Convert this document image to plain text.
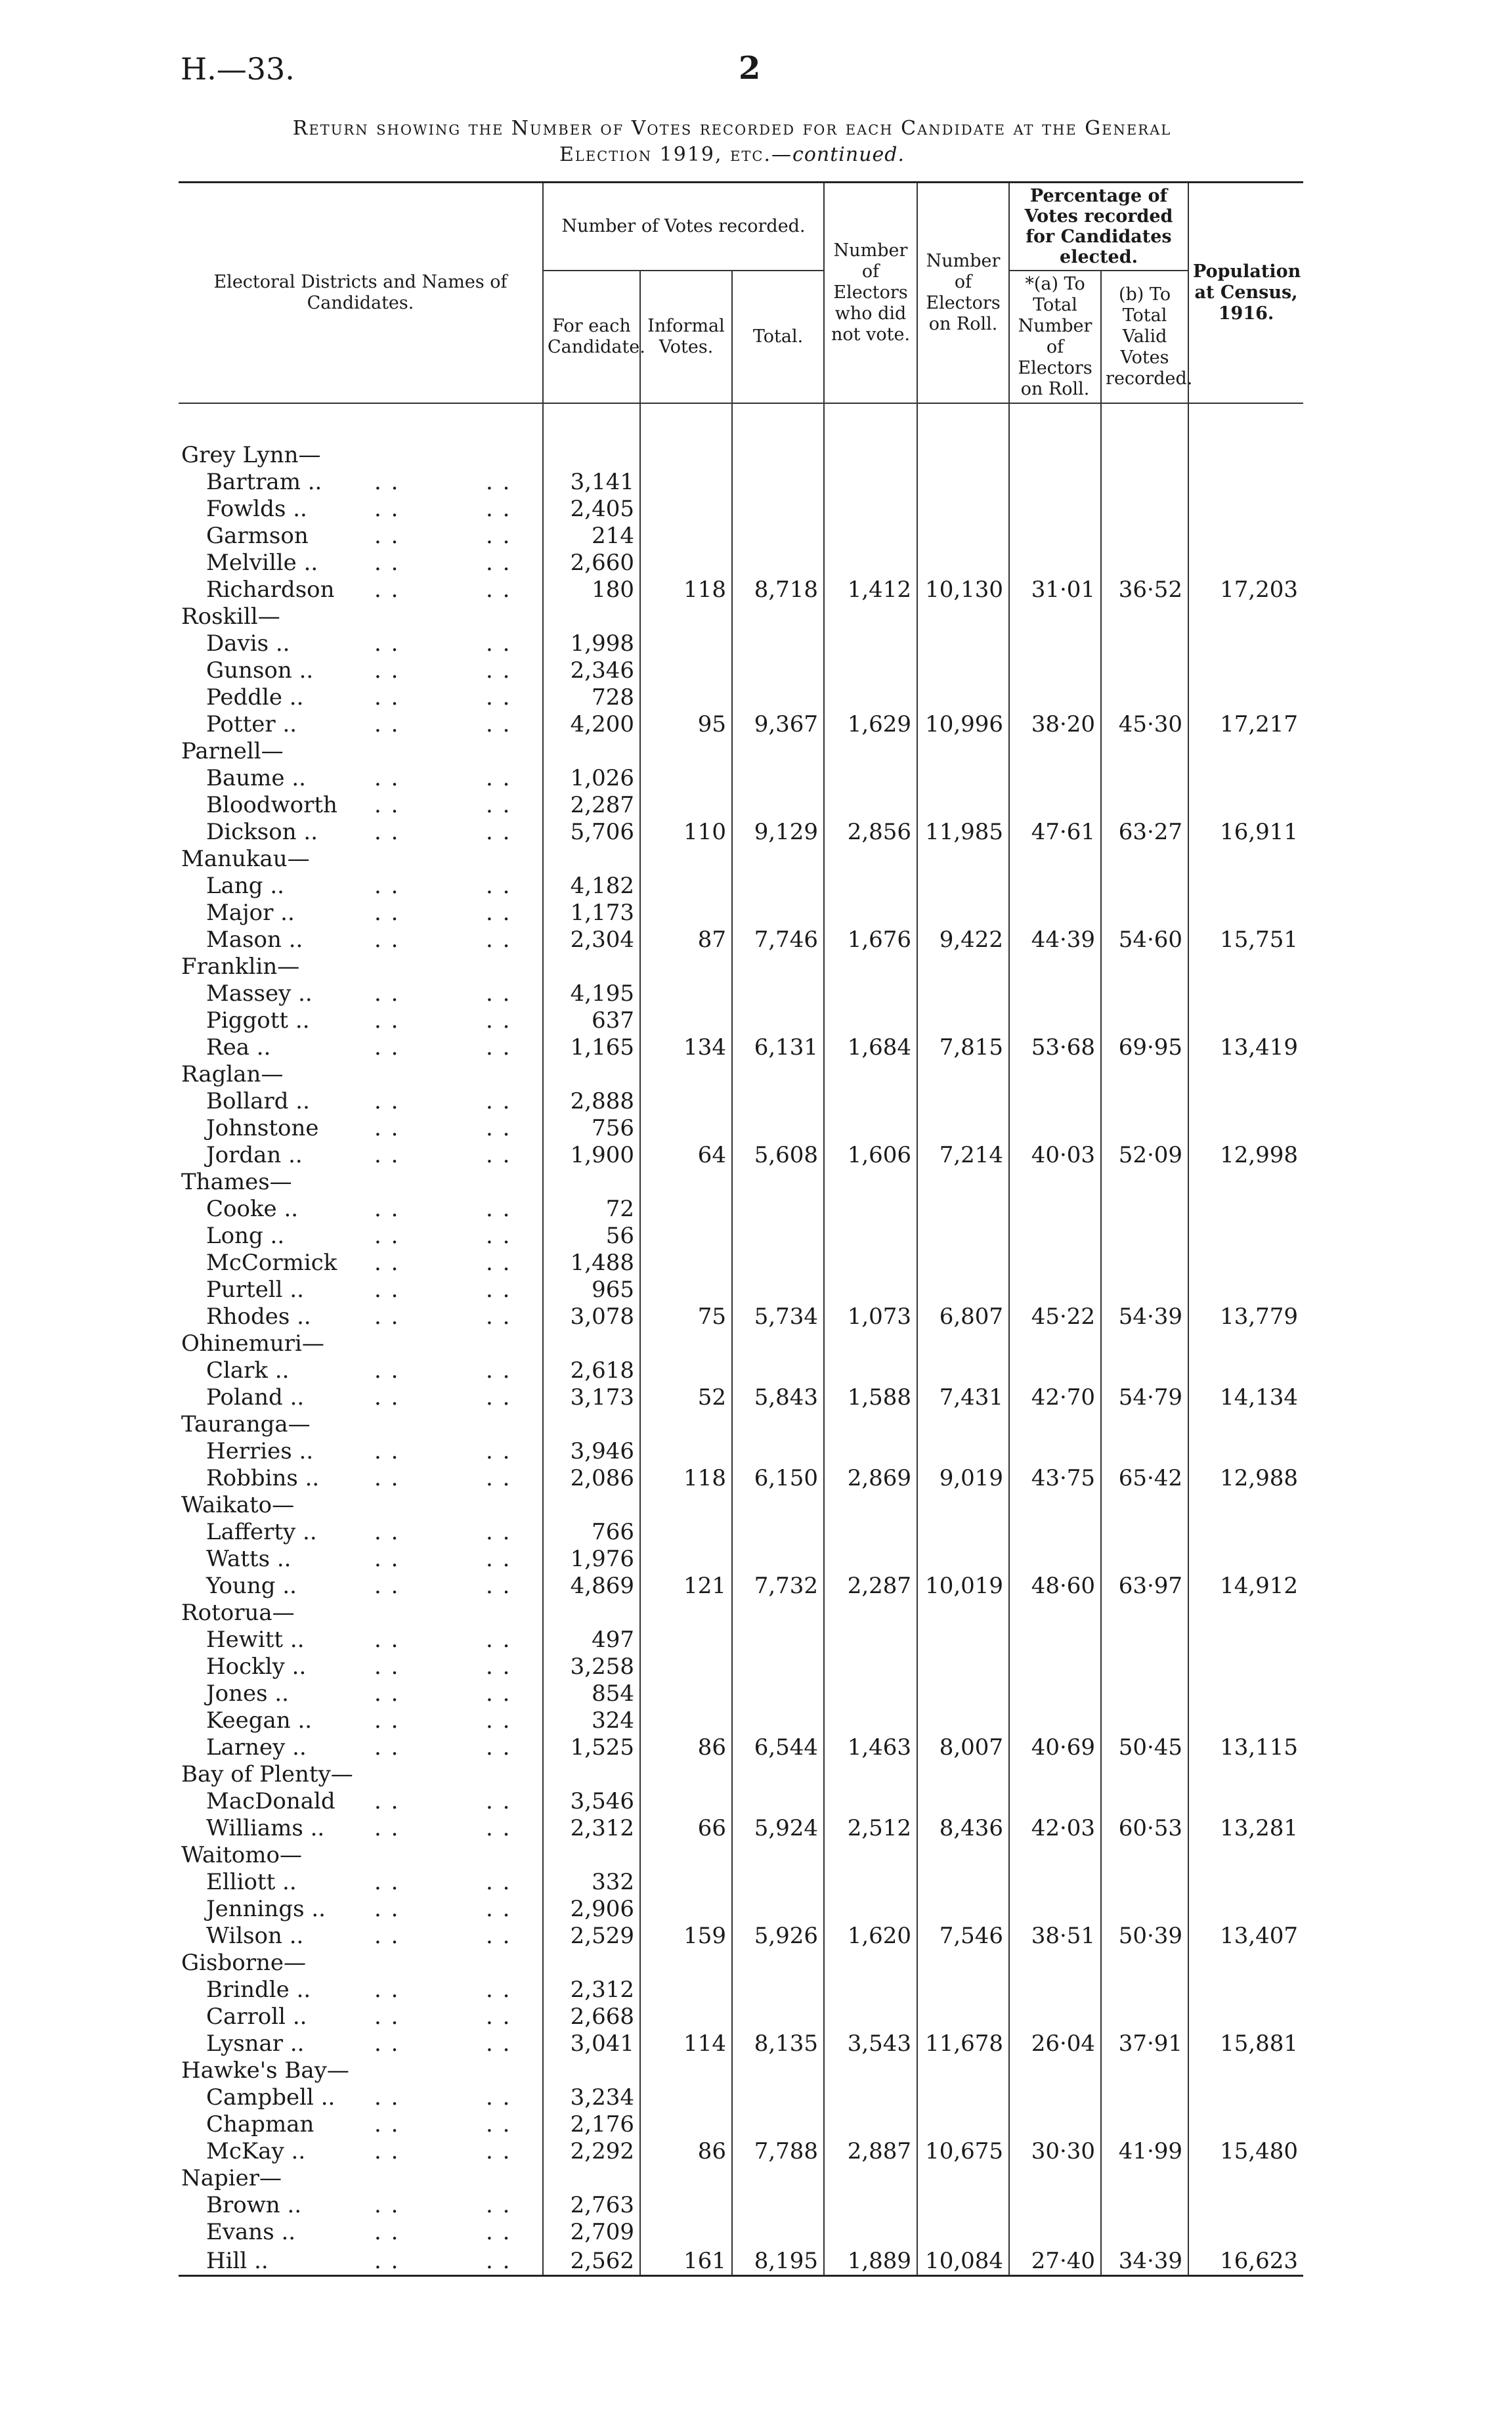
H.—33.	2
Return showing the Number of Votes recorded for each Candidate at the General
Election 1919, etc.—continued.
Electoral Districts and Names of Candidates.		Number of Votes recorded.			Number of Electors who did not vote.	Number of Electors on Roll.	Percentage of Votes recorded for Candidates elected.		Population at Census, 1916.
							*(a) To Total Number of Electors on Roll.	(b) To Total Valid Votes recorded.	
		For each Candidate.	Informal Votes.	Total.					

Grey Lynn—									
Bartram ..	. . . .	3,141							
Fowlds ..	. . . .	2,405							
Garmson	. . . .	214							
Melville ..	. . . .	2,660							
Richardson	. . . .	180	118	8,718	1,412	10,130	31·01	36·52	17,203
Roskill—									
Davis ..	. . . .	1,998							
Gunson ..	. . . .	2,346							
Peddle ..	. . . .	728							
Potter ..	. . . .	4,200	95	9,367	1,629	10,996	38·20	45·30	17,217
Parnell—									
Baume ..	. . . .	1,026							
Bloodworth	. . . .	2,287							
Dickson ..	. . . .	5,706	110	9,129	2,856	11,985	47·61	63·27	16,911
Manukau—									
Lang ..	. . . .	4,182							
Major ..	. . . .	1,173							
Mason ..	. . . .	2,304	87	7,746	1,676	9,422	44·39	54·60	15,751
Franklin—									
Massey ..	. . . .	4,195							
Piggott ..	. . . .	637							
Rea ..	. . . .	1,165	134	6,131	1,684	7,815	53·68	69·95	13,419
Raglan—									
Bollard ..	. . . .	2,888							
Johnstone	. . . .	756							
Jordan ..	. . . .	1,900	64	5,608	1,606	7,214	40·03	52·09	12,998
Thames—									
Cooke ..	. . . .	72							
Long ..	. . . .	56							
McCormick	. . . .	1,488							
Purtell ..	. . . .	965							
Rhodes ..	. . . .	3,078	75	5,734	1,073	6,807	45·22	54·39	13,779
Ohinemuri—									
Clark ..	. . . .	2,618							
Poland ..	. . . .	3,173	52	5,843	1,588	7,431	42·70	54·79	14,134
Tauranga—									
Herries ..	. . . .	3,946							
Robbins ..	. . . .	2,086	118	6,150	2,869	9,019	43·75	65·42	12,988
Waikato—									
Lafferty ..	. . . .	766							
Watts ..	. . . .	1,976							
Young ..	. . . .	4,869	121	7,732	2,287	10,019	48·60	63·97	14,912
Rotorua—									
Hewitt ..	. . . .	497							
Hockly ..	. . . .	3,258							
Jones ..	. . . .	854							
Keegan ..	. . . .	324							
Larney ..	. . . .	1,525	86	6,544	1,463	8,007	40·69	50·45	13,115
Bay of Plenty—									
MacDonald	. . . .	3,546							
Williams ..	. . . .	2,312	66	5,924	2,512	8,436	42·03	60·53	13,281
Waitomo—									
Elliott ..	. . . .	332							
Jennings ..	. . . .	2,906							
Wilson ..	. . . .	2,529	159	5,926	1,620	7,546	38·51	50·39	13,407
Gisborne—									
Brindle ..	. . . .	2,312							
Carroll ..	. . . .	2,668							
Lysnar ..	. . . .	3,041	114	8,135	3,543	11,678	26·04	37·91	15,881
Hawke's Bay—									
Campbell ..	. . . .	3,234							
Chapman	. . . .	2,176							
McKay ..	. . . .	2,292	86	7,788	2,887	10,675	30·30	41·99	15,480
Napier—									
Brown ..	. . . .	2,763							
Evans ..	. . . .	2,709							
Hill ..	. . . .	2,562	161	8,195	1,889	10,084	27·40	34·39	16,623
